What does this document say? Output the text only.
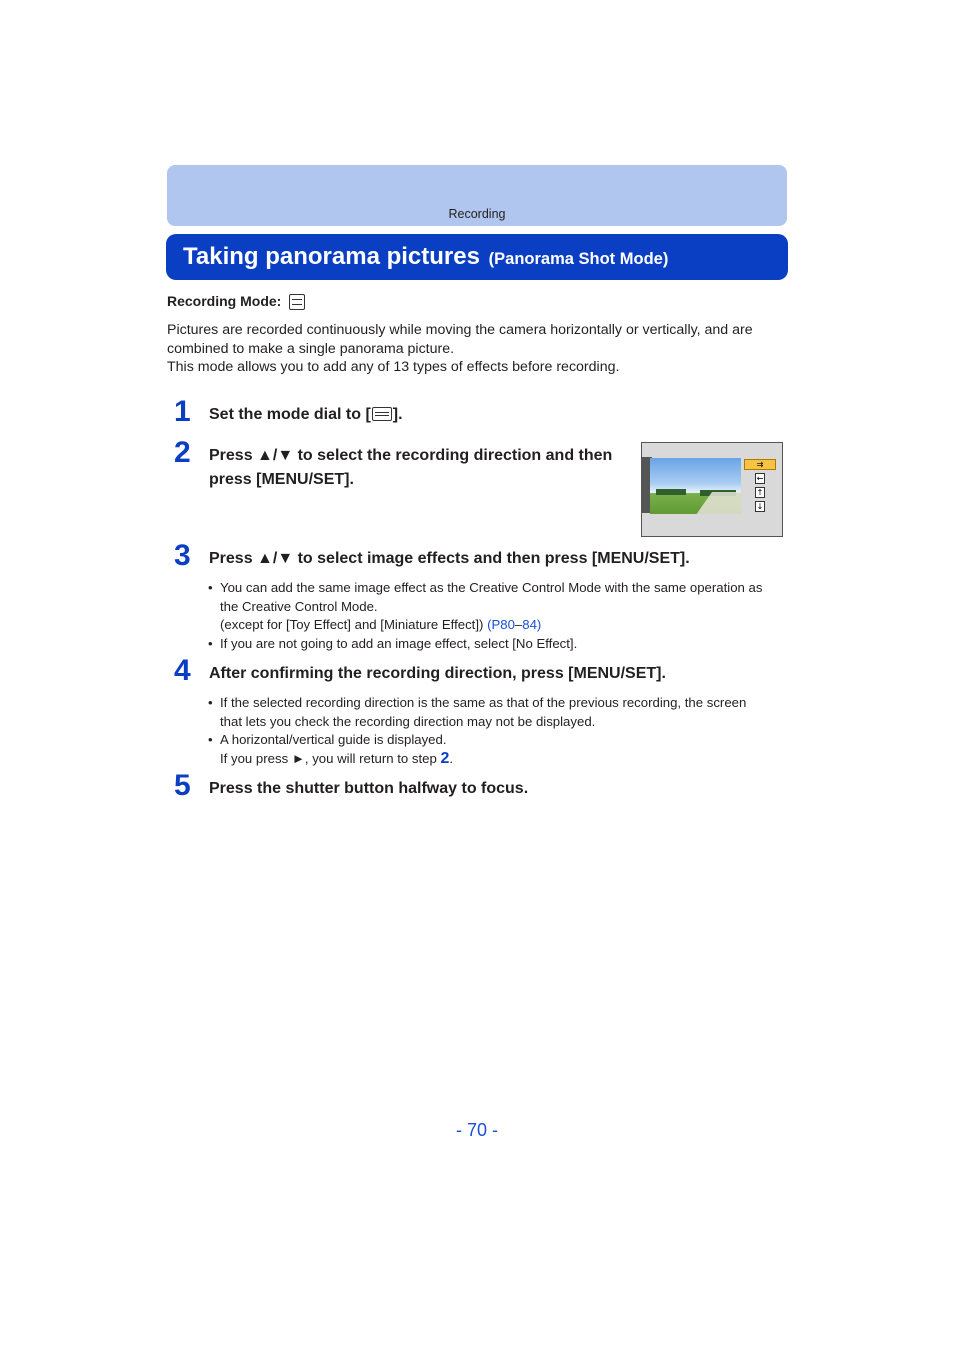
Recording
Taking panorama pictures (Panorama Shot Mode)
Recording Mode:
Pictures are recorded continuously while moving the camera horizontally or vertically, and are
combined to make a single panorama picture.
This mode allows you to add any of 13 types of effects before recording.
1 Set the mode dial to [ ].
2 Press ▲/▼ to select the recording direction and then
press [MENU/SET].
⇉
←
↑
↓
3 Press ▲/▼ to select image effects and then press [MENU/SET].
• You can add the same image effect as the Creative Control Mode with the same operation as
the Creative Control Mode.
(except for [Toy Effect] and [Miniature Effect]) (P80–84)
• If you are not going to add an image effect, select [No Effect].
4 After confirming the recording direction, press [MENU/SET].
• If the selected recording direction is the same as that of the previous recording, the screen
that lets you check the recording direction may not be displayed.
• A horizontal/vertical guide is displayed.
If you press ►, you will return to step 2.
5 Press the shutter button halfway to focus.
- 70 -
